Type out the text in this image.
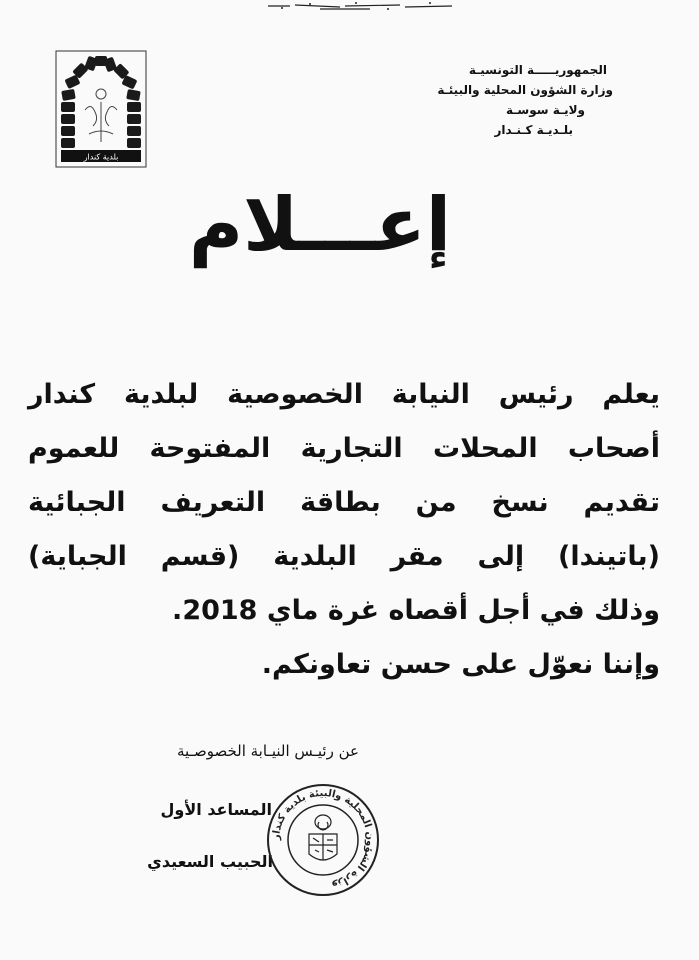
بلدية كندار
الجمهوريـــــة التونسيـة
وزارة الشؤون المحلية والبيئـة
ولايـة سوسـة
بلـديـة كـنـدار
إعـــلام
يعلم رئيس النيابة الخصوصية لبلدية كندار
أصحاب المحلات التجارية المفتوحة للعموم
تقديم نسخ من بطاقة التعريف الجبائية
(باتيندا) إلى مقر البلدية (قسم الجباية)
وذلك في أجل أقصاه غرة ماي 2018.
وإننا نعوّل على حسن تعاونكم.
عن رئيـس النيـابة الخصوصـية
المساعد الأول
الحبيب السعيدي
وزارة الشؤون المحلية والبيئة بلدية كندار
